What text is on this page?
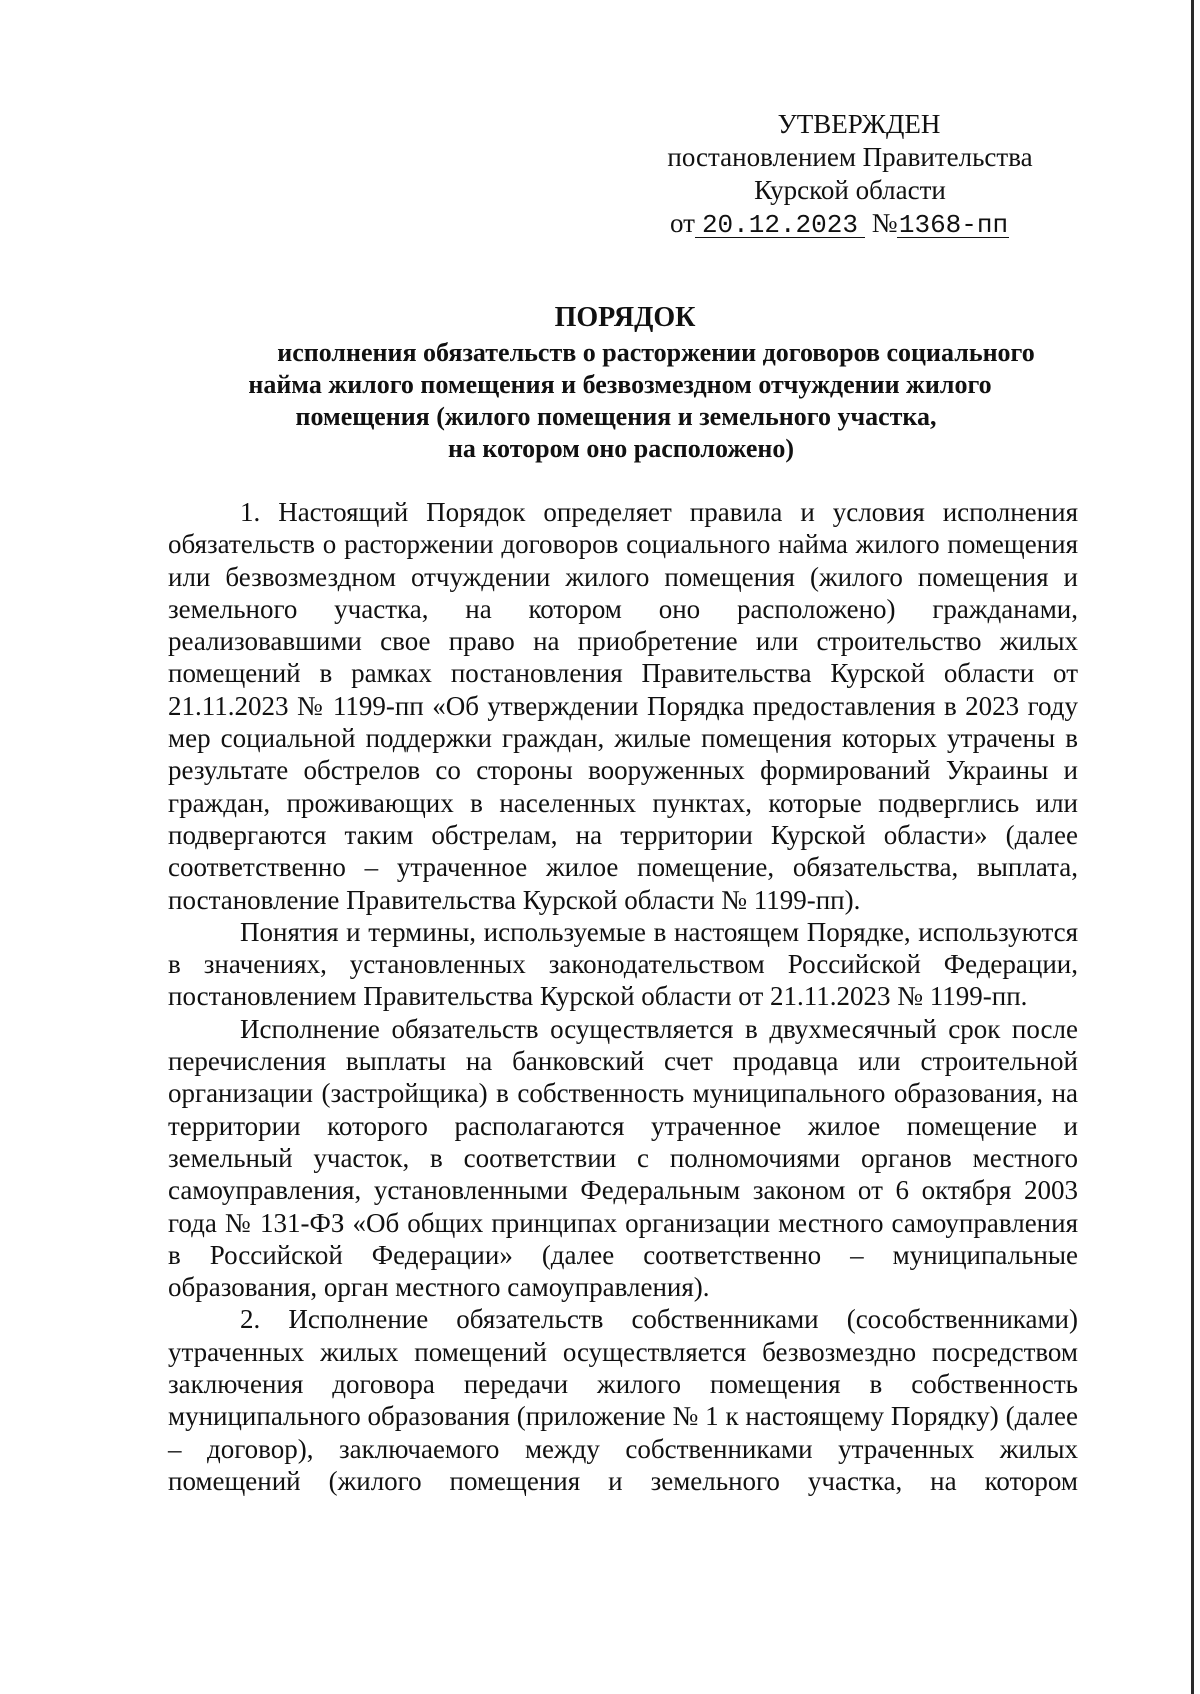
УТВЕРЖДЕН
постановлением Правительства
Курской области
от 20.12.2023 №1368-пп
ПОРЯДОК
исполнения обязательств о расторжении договоров социального
найма жилого помещения и безвозмездном отчуждении жилого
помещения (жилого помещения и земельного участка,
на котором оно расположено)

1. Настоящий Порядок определяет правила и условия исполнения обязательств о расторжении договоров социального найма жилого помещения или безвозмездном отчуждении жилого помещения (жилого помещения и земельного участка, на котором оно расположено) гражданами, реализовавшими свое право на приобретение или строительство жилых помещений в рамках постановления Правительства Курской области от 21.11.2023 № 1199-пп «Об утверждении Порядка предоставления в 2023 году мер социальной поддержки граждан, жилые помещения которых утрачены в результате обстрелов со стороны вооруженных формирований Украины и граждан, проживающих в населенных пунктах, которые подверглись или подвергаются таким обстрелам, на территории Курской области» (далее соответственно – утраченное жилое помещение, обязательства, выплата, постановление Правительства Курской области № 1199-пп).

Понятия и термины, используемые в настоящем Порядке, используются в значениях, установленных законодательством Российской Федерации, постановлением Правительства Курской области от 21.11.2023 № 1199-пп.

Исполнение обязательств осуществляется в двухмесячный срок после перечисления выплаты на банковский счет продавца или строительной организации (застройщика) в собственность муниципального образования, на территории которого располагаются утраченное жилое помещение и земельный участок, в соответствии с полномочиями органов местного самоуправления, установленными Федеральным законом от 6 октября 2003 года № 131-ФЗ «Об общих принципах организации местного самоуправления в Российской Федерации» (далее соответственно – муниципальные образования, орган местного самоуправления).

2. Исполнение обязательств собственниками (сособственниками) утраченных жилых помещений осуществляется безвозмездно посредством заключения договора передачи жилого помещения в собственность муниципального образования (приложение № 1 к настоящему Порядку) (далее – договор), заключаемого между собственниками утраченных жилых помещений (жилого помещения и земельного участка, на котором
